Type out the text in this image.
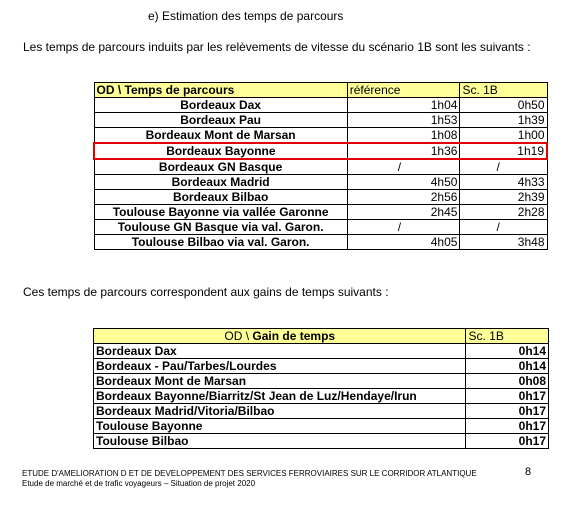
e) Estimation des temps de parcours
Les temps de parcours induits par les relèvements de vitesse du scénario 1B sont les suivants :
OD \ Temps de parcours	référence	Sc. 1B
Bordeaux Dax	1h04	0h50
Bordeaux Pau	1h53	1h39
Bordeaux Mont de Marsan	1h08	1h00
Bordeaux Bayonne	1h36	1h19
Bordeaux GN Basque	/	/
Bordeaux Madrid	4h50	4h33
Bordeaux Bilbao	2h56	2h39
Toulouse Bayonne via vallée Garonne	2h45	2h28
Toulouse GN Basque via val. Garon.	/	/
Toulouse Bilbao via val. Garon.	4h05	3h48
Ces temps de parcours correspondent aux gains de temps suivants :
OD \ Gain de temps	Sc. 1B
Bordeaux Dax	0h14
Bordeaux - Pau/Tarbes/Lourdes	0h14
Bordeaux Mont de Marsan	0h08
Bordeaux Bayonne/Biarritz/St Jean de Luz/Hendaye/Irun	0h17
Bordeaux Madrid/Vitoria/Bilbao	0h17
Toulouse Bayonne	0h17
Toulouse Bilbao	0h17
ETUDE D'AMELIORATION D ET DE DEVELOPPEMENT DES SERVICES FERROVIAIRES SUR LE CORRIDOR ATLANTIQUE
Etude de marché et de trafic voyageurs – Situation de projet 2020
8
